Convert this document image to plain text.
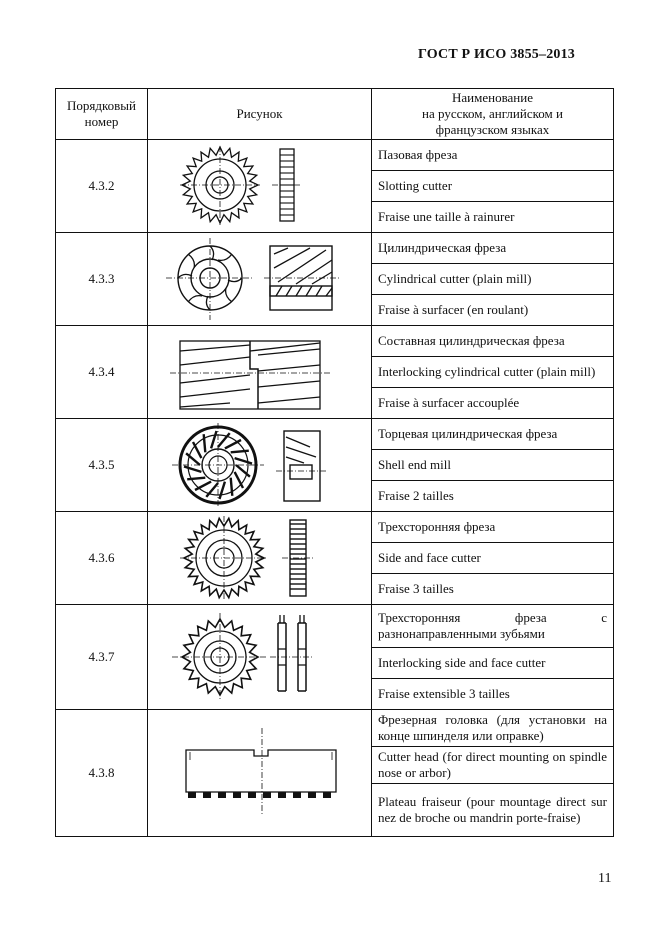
ГОСТ Р ИСО 3855–2013
Порядковый номер	Рисунок	Наименование
на русском, английском и
французском языках

4.3.2		Пазовая фреза
		Slotting cutter
		Fraise une taille à rainurer
4.3.3		Цилиндрическая фреза
		Cylindrical cutter (plain mill)
		Fraise à surfacer (en roulant)
4.3.4		Составная цилиндрическая фреза
		Interlocking cylindrical cutter (plain mill)
		Fraise à surfacer accouplée
4.3.5		Торцевая цилиндрическая фреза
		Shell end mill
		Fraise 2 tailles
4.3.6		Трехсторонняя фреза
		Side and face cutter
		Fraise 3 tailles
4.3.7		Трехсторонняя фреза с разнонаправленными зубьями
		Interlocking side and face cutter
		Fraise extensible 3 tailles
4.3.8		Фрезерная головка (для установки на конце шпинделя или оправке)
		Cutter head (for direct mounting on spindle nose or arbor)
		Plateau fraiseur (pour mountage direct sur nez de broche ou mandrin porte-fraise)
11
